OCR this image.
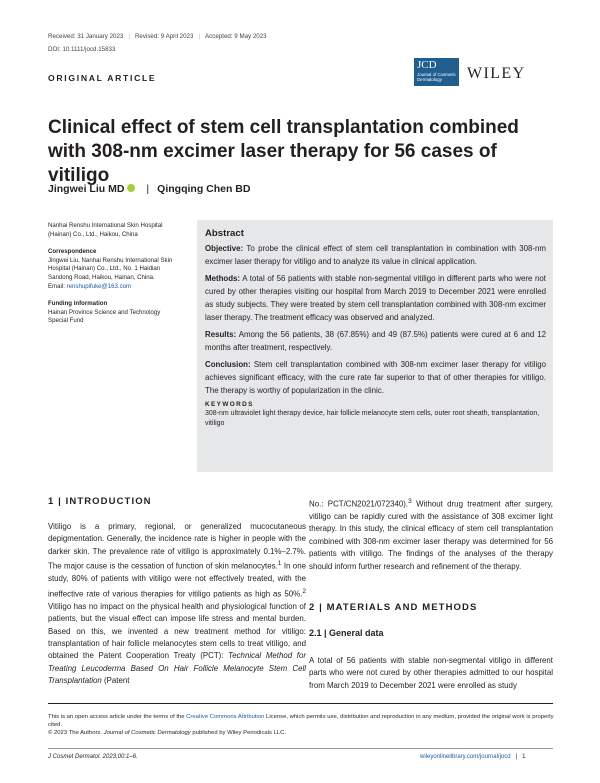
Received: 31 January 2023 | Revised: 9 April 2023 | Accepted: 9 May 2023
DOI: 10.1111/jocd.15833
ORIGINAL ARTICLE
JCD
Journal of Cosmetic Dermatology	WILEY
Clinical effect of stem cell transplantation combined with 308-nm excimer laser therapy for 56 cases of vitiligo
Jingwei Liu MD | Qingqing Chen BD
Nanhai Renshu International Skin Hospital (Hainan) Co., Ltd., Haikou, China
Correspondence
Jingwei Liu, Nanhai Renshu International Skin Hospital (Hainan) Co., Ltd., No. 1 Haidian Sandong Road, Haikou, Hainan, China.
Email: renshupifuke@163.com
Funding information
Hainan Province Science and Technology Special Fund
Abstract

Objective: To probe the clinical effect of stem cell transplantation in combination with 308-nm excimer laser therapy for vitiligo and to analyze its value in clinical application.

Methods: A total of 56 patients with stable non-segmental vitiligo in different parts who were not cured by other therapies visiting our hospital from March 2019 to December 2021 were enrolled as study subjects. They were treated by stem cell transplantation combined with 308-nm excimer laser therapy. The treatment efficacy was observed and analyzed.

Results: Among the 56 patients, 38 (67.85%) and 49 (87.5%) patients were cured at 6 and 12 months after treatment, respectively.

Conclusion: Stem cell transplantation combined with 308-nm excimer laser therapy for vitiligo achieves significant efficacy, with the cure rate far superior to that of other therapies for vitiligo. The therapy is worthy of popularization in the clinic.

KEYWORDS
308-nm ultraviolet light therapy device, hair follicle melanocyte stem cells, outer root sheath, transplantation, vitiligo
1 | INTRODUCTION

Vitiligo is a primary, regional, or generalized mucocutaneous depigmentation. Generally, the incidence rate is higher in people with the darker skin. The prevalence rate of vitiligo is approximately 0.1%–2.7%. The major cause is the cessation of function of skin melanocytes.$^1$ In one study, 80% of patients with vitiligo were not effectively treated, with the ineffective rate of various therapies for vitiligo patients as high as 50%.$^2$ Vitiligo has no impact on the physical health and physiological function of patients, but the visual effect can impose life stress and mental burden. Based on this, we invented a new treatment method for vitiligo: transplantation of hair follicle melanocytes stem cells to treat vitiligo, and obtained the Patent Cooperation Treaty (PCT): Technical Method for Treating Leucoderma Based On Hair Follicle Melanocyte Stem Cell Transplantation (Patent

No.: PCT/CN2021/072340).$^3$ Without drug treatment after surgery, vitiligo can be rapidly cured with the assistance of 308 excimer light therapy. In this study, the clinical efficacy of stem cell transplantation combined with 308-nm excimer laser therapy was determined for 56 patients with vitiligo. The findings of the analyses of the therapy should inform further research and refinement of the therapy.

2 | MATERIALS AND METHODS
2.1 | General data

A total of 56 patients with stable non-segmental vitiligo in different parts who were not cured by other therapies admitted to our hospital from March 2019 to December 2021 were enrolled as study

This is an open access article under the terms of the Creative Commons Attribution License, which permits use, distribution and reproduction in any medium, provided the original work is properly cited.
© 2023 The Authors. Journal of Cosmetic Dermatology published by Wiley Periodicals LLC.
J Cosmet Dermatol. 2023;00:1–6.	wileyonlinelibrary.com/journal/jocd | 1
